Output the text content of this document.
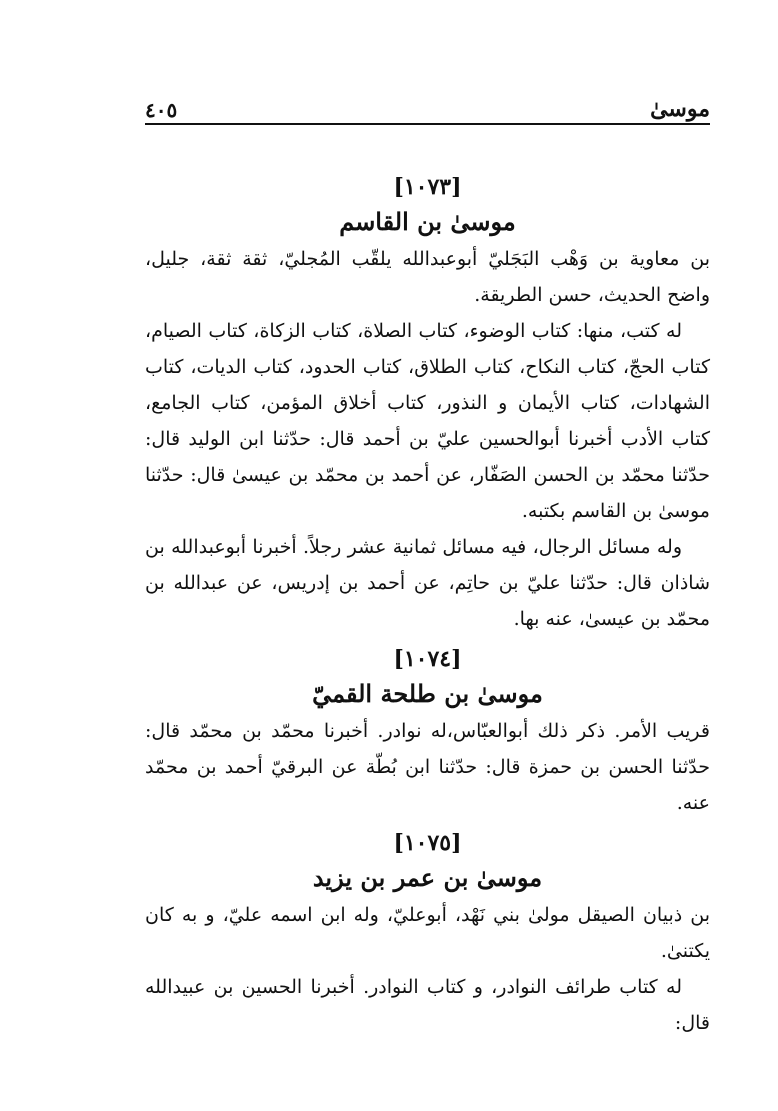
موسىٰ
٤٠٥
[١٠٧٣]
موسىٰ بن القاسم

بن معاوية بن وَهْب البَجَليّ أبوعبدالله يلقّب المُجليّ، ثقة ثقة، جليل، واضح الحديث، حسن الطريقة.

له كتب، منها: كتاب الوضوء، كتاب الصلاة، كتاب الزكاة، كتاب الصيام، كتاب الحجّ، كتاب النكاح، كتاب الطلاق، كتاب الحدود، كتاب الديات، كتاب الشهادات، كتاب الأيمان و النذور، كتاب أخلاق المؤمن، كتاب الجامع، كتاب الأدب أخبرنا أبوالحسين عليّ بن أحمد قال: حدّثنا ابن الوليد قال: حدّثنا محمّد بن الحسن الصَفّار، عن أحمد بن محمّد بن عيسىٰ قال: حدّثنا موسىٰ بن القاسم بكتبه.

وله مسائل الرجال، فيه مسائل ثمانية عشر رجلاً. أخبرنا أبوعبدالله بن شاذان قال: حدّثنا عليّ بن حاتِم، عن أحمد بن إدريس، عن عبدالله بن محمّد بن عيسىٰ، عنه بها.

[١٠٧٤]
موسىٰ بن طلحة القميّ

قريب الأمر. ذكر ذلك أبوالعبّاس،له نوادر. أخبرنا محمّد بن محمّد قال: حدّثنا الحسن بن حمزة قال: حدّثنا ابن بُطّة عن البرقيّ أحمد بن محمّد عنه.

[١٠٧٥]
موسىٰ بن عمر بن يزيد

بن ذبيان الصيقل مولىٰ بني نَهْد، أبوعليّ، وله ابن اسمه عليّ، و به كان يكتنىٰ.

له كتاب طرائف النوادر، و كتاب النوادر. أخبرنا الحسين بن عبيدالله قال:
